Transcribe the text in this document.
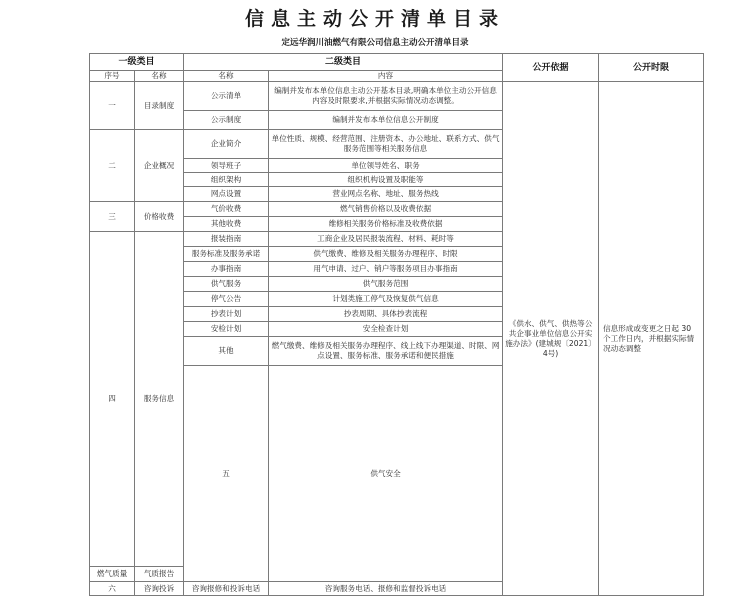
信息主动公开清单目录
定远华润川油燃气有限公司信息主动公开清单目录
一级类目		二级类目		公开依据	公开时限	
序号	名称	名称	内容			
一	目录制度	公示清单	编制并发布本单位信息主动公开基本目录,明确本单位主动公开信息内容及时限要求,并根据实际情况动态调整。	《供水、供气、供热等公共企事业单位信息公开实施办法》(建城规〔2021〕4号)	信息形成或变更之日起 30 个工作日内，并根据实际情况动态调整	
		公示制度	编制并发布本单位信息公开制度			
二	企业概况	企业简介	单位性质、规模、经营范围、注册资本、办公地址、联系方式、供气服务范围等相关服务信息			
		领导班子	单位领导姓名、职务			
		组织架构	组织机构设置及职能等			
		网点设置	营业网点名称、地址、服务热线			
三	价格收费	气价收费	燃气销售价格以及收费依据			
		其他收费	维修相关服务价格标准及收费依据			
四	服务信息	报装指南	工商企业及居民报装流程、材料、耗时等			
		服务标准及服务承诺	供气缴费、维修及相关服务办理程序、时限			
		办事指南	用气申请、过户、销户等服务项目办事指南			
		供气服务	供气服务范围			
		停气公告	计划类施工停气及恢复供气信息			
		抄表计划	抄表周期、具体抄表流程			
		安检计划	安全检查计划			
		其他	燃气缴费、维修及相关服务办理程序、线上线下办理渠道、时限、网点设置、服务标准、服务承诺和便民措施			
		五	供气安全		
燃气质量	气质报告					
六	咨询投诉	咨询报修和投诉电话	咨询服务电话、报修和监督投诉电话			
